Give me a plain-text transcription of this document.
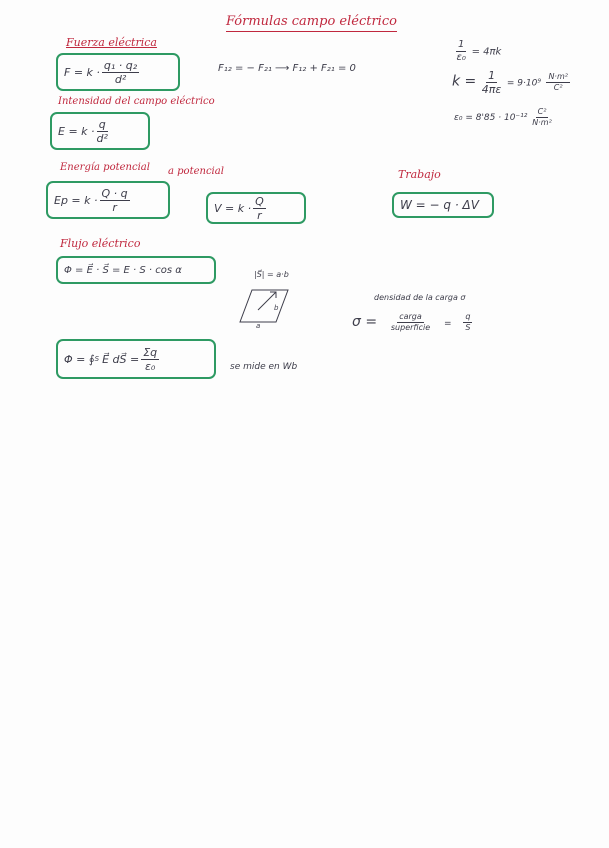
Fórmulas campo eléctrico
Fuerza eléctrica
$F = k \cdot \frac{\text{q₁ · q₂}}{\text{d²}}$	F₁₂ = − F₂₁ ⟶ F₁₂ + F₂₁ = 0
$\frac{1}{\text{ε₀}} = 4\pi k$
$k = \frac{1}{4\pi\varepsilon} = 9\cdot 10^9 \frac{\text{N·m²}}{\text{C²}}$
$\varepsilon_0 = 8'85 \cdot 10^{-12} \frac{\text{C²}}{\text{N·m²}}$
Intensidad del campo eléctrico
$E = k \cdot \frac{q}{\text{d²}}$
Energía potencial
$Ep = k \cdot \frac{Q \cdot q}{r}$
a potencial
$V = k \cdot \frac{Q}{r}$
Trabajo
W = − q · ΔV
Flujo eléctrico
Φ = E⃗ · S⃗ = E · S · cos α	|S⃗| = a·b
a
b
densidad de la carga σ
$\sigma = \frac{\text{carga}}{\text{superficie}} = \frac{q}{S}$
Φ = ∮ S E⃗ dS⃗ = $\frac{\Sigma q}{\text{ε₀}}$	se mide en Wb
